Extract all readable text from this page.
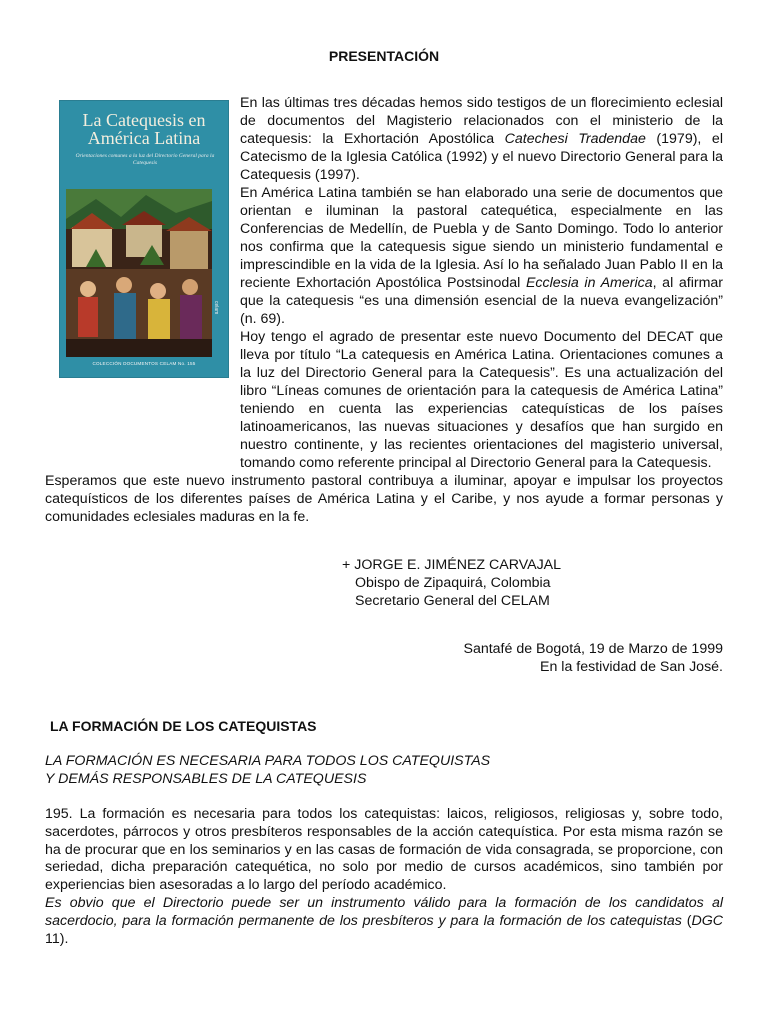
PRESENTACIÓN
La Catequesis en
América Latina
Orientaciones comunes a la luz del Directorio General para la Catequesis
celam
COLECCIÓN DOCUMENTOS CELAM No. 155

En las últimas tres décadas hemos sido testigos de un florecimiento eclesial de documentos del Magisterio relacionados con el ministerio de la catequesis: la Exhortación Apostólica Catechesi Tradendae (1979), el Catecismo de la Iglesia Católica (1992) y el nuevo Directorio General para la Catequesis (1997).

En América Latina también se han elaborado una serie de documentos que orientan e iluminan la pastoral catequética, especialmente en las Conferencias de Medellín, de Puebla y de Santo Domingo. Todo lo anterior nos confirma que la catequesis sigue siendo un ministerio fundamental e imprescindible en la vida de la Iglesia. Así lo ha señalado Juan Pablo II en la reciente Exhortación Apostólica Postsinodal Ecclesia in America, al afirmar que la catequesis “es una dimensión esencial de la nueva evangelización” (n. 69).

Hoy tengo el agrado de presentar este nuevo Documento del DECAT que lleva por título “La catequesis en América Latina. Orientaciones comunes a la luz del Directorio General para la Catequesis”. Es una actualización del libro “Líneas comunes de orientación para la catequesis de América Latina” teniendo en cuenta las experiencias catequísticas de los países latinoamericanos, las nuevas situaciones y desafíos que han surgido en nuestro continente, y las recientes orientaciones del magisterio universal, tomando como referente principal al Directorio General para la Catequesis.

Esperamos que este nuevo instrumento pastoral contribuya a iluminar, apoyar e impulsar los proyectos catequísticos de los diferentes países de América Latina y el Caribe, y nos ayude a formar personas y comunidades eclesiales maduras en la fe.

+ JORGE E. JIMÉNEZ CARVAJAL
Obispo de Zipaquirá, Colombia
Secretario General del CELAM
Santafé de Bogotá, 19 de Marzo de 1999
En la festividad de San José.
LA FORMACIÓN DE LOS CATEQUISTAS
LA FORMACIÓN ES NECESARIA PARA TODOS LOS CATEQUISTAS
Y DEMÁS RESPONSABLES DE LA CATEQUESIS

195. La formación es necesaria para todos los catequistas: laicos, religiosos, religiosas y, sobre todo, sacerdotes, párrocos y otros presbíteros responsables de la acción catequística. Por esta misma razón se ha de procurar que en los seminarios y en las casas de formación de vida consagrada, se proporcione, con seriedad, dicha preparación catequética, no solo por medio de cursos académicos, sino también por experiencias bien asesoradas a lo largo del período académico.

Es obvio que el Directorio puede ser un instrumento válido para la formación de los candidatos al sacerdocio, para la formación permanente de los presbíteros y para la formación de los catequistas (DGC 11).
